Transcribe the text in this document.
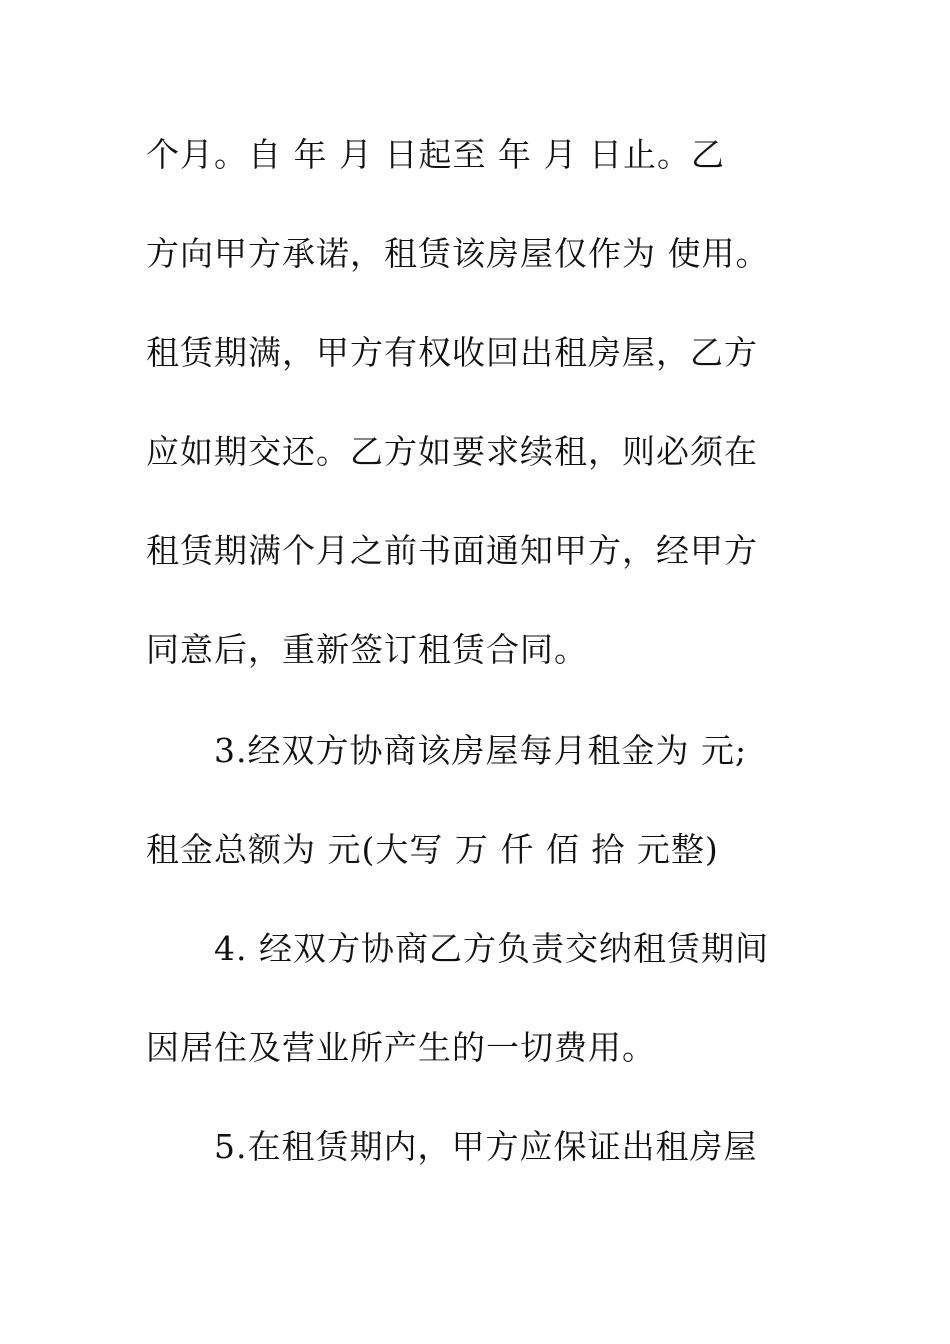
个月。自 年 月 日起至 年 月 日止。乙
方向甲方承诺，租赁该房屋仅作为 使用。
租赁期满，甲方有权收回出租房屋，乙方
应如期交还。乙方如要求续租，则必须在
租赁期满个月之前书面通知甲方，经甲方
同意后，重新签订租赁合同。
3.经双方协商该房屋每月租金为 元;
租金总额为 元(大写 万 仟 佰 拾 元整)
4. 经双方协商乙方负责交纳租赁期间
因居住及营业所产生的一切费用。
5.在租赁期内，甲方应保证出租房屋
